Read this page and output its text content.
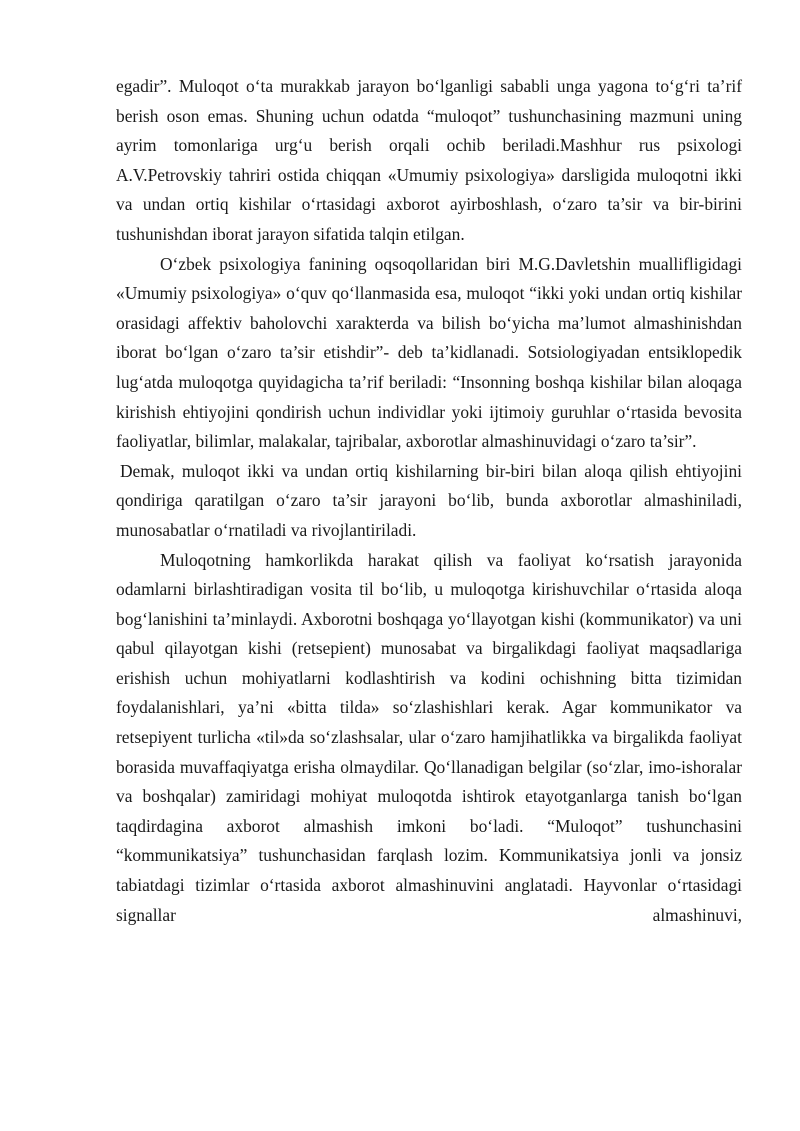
egadir”. Muloqot o‘ta murakkab jarayon bo‘lganligi sababli unga yagona to‘g‘ri ta’rif berish oson emas. Shuning uchun odatda “muloqot” tushunchasining mazmuni uning ayrim tomonlariga urg‘u berish orqali ochib beriladi.Mashhur rus psixologi A.V.Petrovskiy tahriri ostida chiqqan «Umumiy psixologiya» darsligida muloqotni ikki va undan ortiq kishilar o‘rtasidagi axborot ayirboshlash, o‘zaro ta’sir va bir-birini tushunishdan iborat jarayon sifatida talqin etilgan.

O‘zbek psixologiya fanining oqsoqollaridan biri M.G.Davletshin muallifligidagi «Umumiy psixologiya» o‘quv qo‘llanmasida esa, muloqot “ikki yoki undan ortiq kishilar orasidagi affektiv baholovchi xarakterda va bilish bo‘yicha ma’lumot almashinishdan iborat bo‘lgan o‘zaro ta’sir etishdir”- deb ta’kidlanadi. Sotsiologiyadan entsiklopedik lug‘atda muloqotga quyidagicha ta’rif beriladi: “Insonning boshqa kishilar bilan aloqaga kirishish ehtiyojini qondirish uchun individlar yoki ijtimoiy guruhlar o‘rtasida bevosita faoliyatlar, bilimlar, malakalar, tajribalar, axborotlar almashinuvidagi o‘zaro ta’sir”.

Demak, muloqot ikki va undan ortiq kishilarning bir-biri bilan aloqa qilish ehtiyojini qondiriga qaratilgan o‘zaro ta’sir jarayoni bo‘lib, bunda axborotlar almashiniladi, munosabatlar o‘rnatiladi va rivojlantiriladi.

Muloqotning hamkorlikda harakat qilish va faoliyat ko‘rsatish jarayonida odamlarni birlashtiradigan vosita til bo‘lib, u muloqotga kirishuvchilar o‘rtasida aloqa bog‘lanishini ta’minlaydi. Axborotni boshqaga yo‘llayotgan kishi (kommunikator) va uni qabul qilayotgan kishi (retsepient) munosabat va birgalikdagi faoliyat maqsadlariga erishish uchun mohiyatlarni kodlashtirish va kodini ochishning bitta tizimidan foydalanishlari, ya’ni «bitta tilda» so‘zlashishlari kerak. Agar kommunikator va retsepiyent turlicha «til»da so‘zlashsalar, ular o‘zaro hamjihatlikka va birgalikda faoliyat borasida muvaffaqiyatga erisha olmaydilar. Qo‘llanadigan belgilar (so‘zlar, imo-ishoralar va boshqalar) zamiridagi mohiyat muloqotda ishtirok etayotganlarga tanish bo‘lgan taqdirdagina axborot almashish imkoni bo‘ladi. “Muloqot” tushunchasini “kommunikatsiya” tushunchasidan farqlash lozim. Kommunikatsiya jonli va jonsiz tabiatdagi tizimlar o‘rtasida axborot almashinuvini anglatadi. Hayvonlar o‘rtasidagi signallar almashinuvi,
